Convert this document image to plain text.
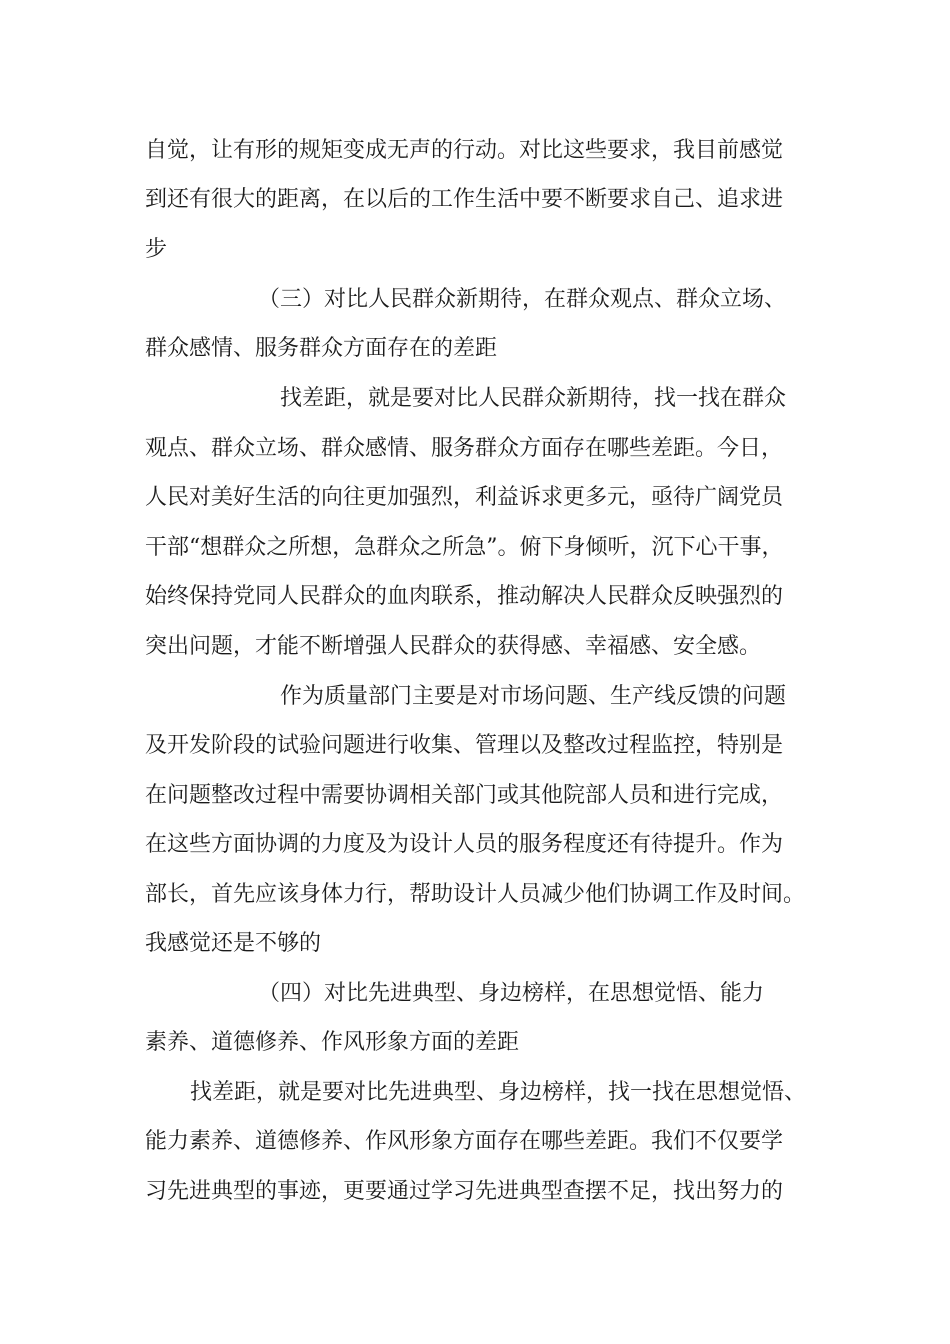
自觉，让有形的规矩变成无声的行动。对比这些要求，我目前感觉
到还有很大的距离，在以后的工作生活中要不断要求自己、追求进
步
（三）对比人民群众新期待，在群众观点、群众立场、
群众感情、服务群众方面存在的差距
找差距，就是要对比人民群众新期待，找一找在群众
观点、群众立场、群众感情、服务群众方面存在哪些差距。今日，
人民对美好生活的向往更加强烈，利益诉求更多元，亟待广阔党员
干部“想群众之所想，急群众之所急”。俯下身倾听，沉下心干事，
始终保持党同人民群众的血肉联系，推动解决人民群众反映强烈的
突出问题，才能不断增强人民群众的获得感、幸福感、安全感。
作为质量部门主要是对市场问题、生产线反馈的问题
及开发阶段的试验问题进行收集、管理以及整改过程监控，特别是
在问题整改过程中需要协调相关部门或其他院部人员和进行完成，
在这些方面协调的力度及为设计人员的服务程度还有待提升。作为
部长，首先应该身体力行，帮助设计人员减少他们协调工作及时间。
我感觉还是不够的
（四）对比先进典型、身边榜样，在思想觉悟、能力
素养、道德修养、作风形象方面的差距
找差距，就是要对比先进典型、身边榜样，找一找在思想觉悟、
能力素养、道德修养、作风形象方面存在哪些差距。我们不仅要学
习先进典型的事迹，更要通过学习先进典型查摆不足，找出努力的
